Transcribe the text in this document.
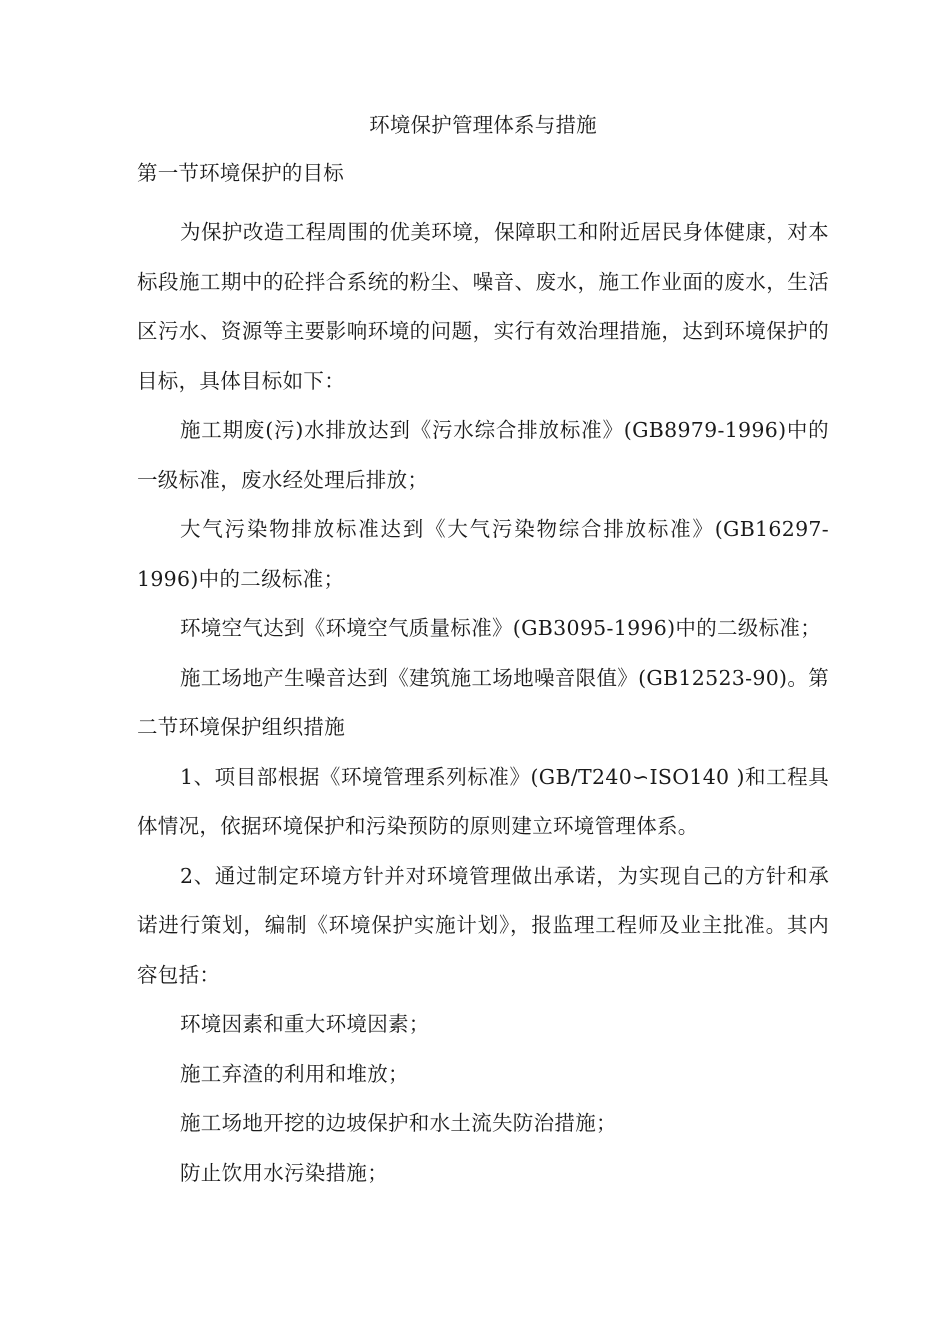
环境保护管理体系与措施
第一节环境保护的目标

为保护改造工程周围的优美环境，保障职工和附近居民身体健康，对本标段施工期中的砼拌合系统的粉尘、噪音、废水，施工作业面的废水，生活区污水、资源等主要影响环境的问题，实行有效治理措施，达到环境保护的目标，具体目标如下：

施工期废(污)水排放达到《污水综合排放标准》(GB8979-1996)中的一级标准，废水经处理后排放；

大气污染物排放标准达到《大气污染物综合排放标准》(GB16297-1996)中的二级标准；

环境空气达到《环境空气质量标准》(GB3095-1996)中的二级标准；

施工场地产生噪音达到《建筑施工场地噪音限值》(GB12523-90)。第二节环境保护组织措施

1、项目部根据《环境管理系列标准》(GB/T240∽ISO140 )和工程具体情况，依据环境保护和污染预防的原则建立环境管理体系。

2、通过制定环境方针并对环境管理做出承诺，为实现自己的方针和承诺进行策划，编制《环境保护实施计划》，报监理工程师及业主批准。其内容包括：

环境因素和重大环境因素；

施工弃渣的利用和堆放；

施工场地开挖的边坡保护和水土流失防治措施；

防止饮用水污染措施；
